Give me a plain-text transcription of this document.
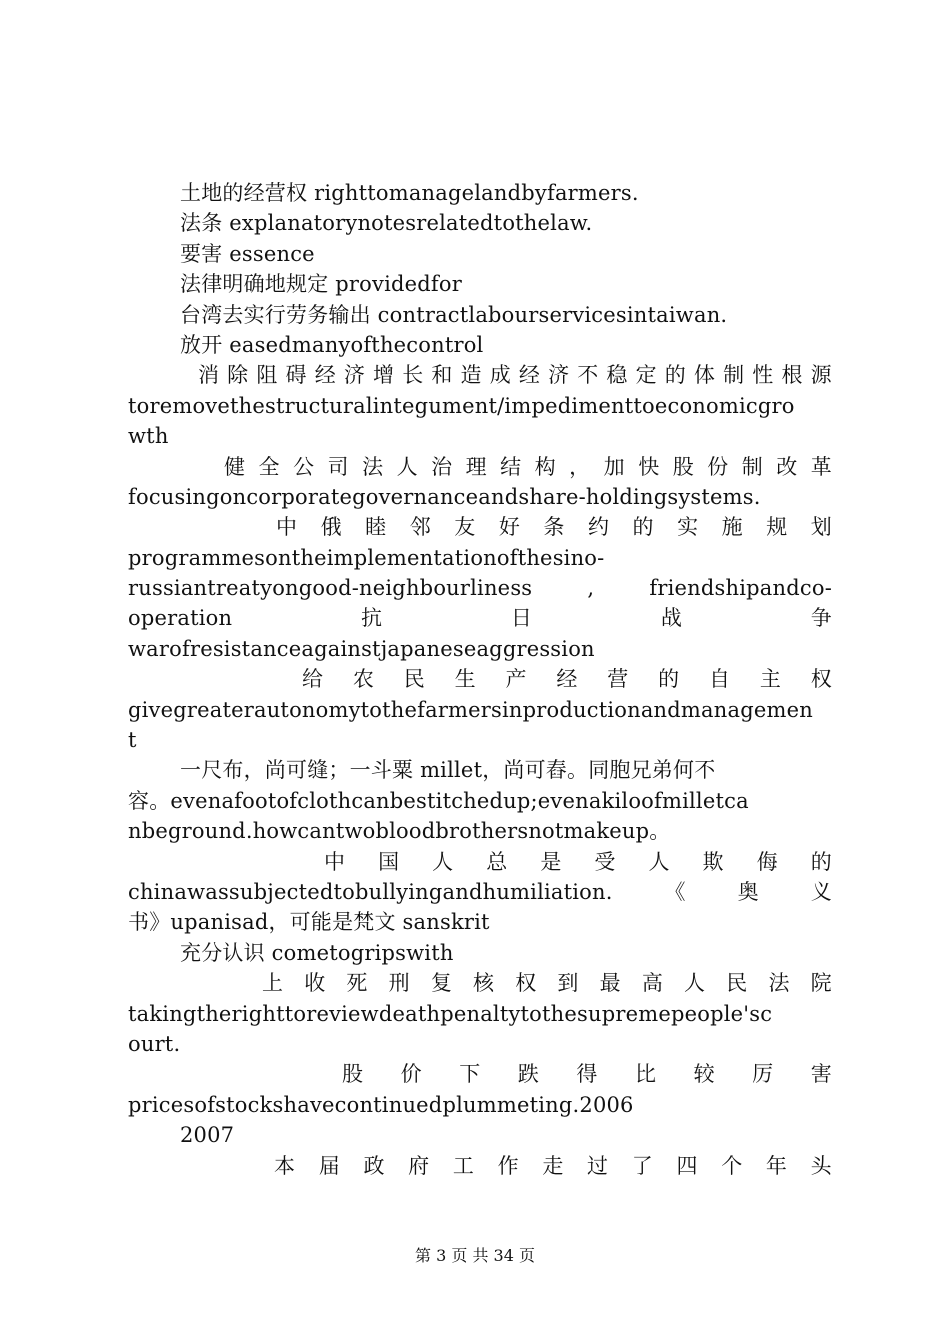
土地的经营权 righttomanagelandbyfarmers.
法条 explanatorynotesrelatedtothelaw.
要害 essence
法律明确地规定 providedfor
台湾去实行劳务输出 contractlabourservicesintaiwan.
放开 easedmanyofthecontrol
消 除 阻 碍 经 济 增 长 和 造 成 经 济 不 稳 定 的 体 制 性 根 源
toremovethestructuralintegument/impedimenttoeconomicgro
wth
健 全 公 司 法 人 治 理 结 构 ， 加 快 股 份 制 改 革
focusingoncorporategovernanceandshare-holdingsystems.
中 俄 睦 邻 友 好 条 约 的 实 施 规 划
programmesontheimplementationofthesino-
russiantreatyongood-neighbourliness	,	friendshipandco-
operation	抗	日	战	争
warofresistanceagainstjapaneseaggression
给 农 民 生 产 经 营 的 自 主 权
givegreaterautonomytothefarmersinproductionandmanagemen
t
一尺布，尚可缝；一斗粟 millet，尚可舂。同胞兄弟何不
容。evenafootofclothcanbestitchedup;evenakiloofmilletca
nbeground.howcantwobloodbrothersnotmakeup。
中 国 人 总 是 受 人 欺 侮 的
chinawassubjectedtobullyingandhumiliation. 《 奥 义
书》upanisad，可能是梵文 sanskrit
充分认识 cometogripswith
上 收 死 刑 复 核 权 到 最 高 人 民 法 院
takingtherighttoreviewdeathpenaltytothesupremepeople'sc
ourt.
股 价 下 跌 得 比 较 厉 害
pricesofstockshavecontinuedplummeting.2006
2007
本 届 政 府 工 作 走 过 了 四 个 年 头
第 3 页 共 34 页
